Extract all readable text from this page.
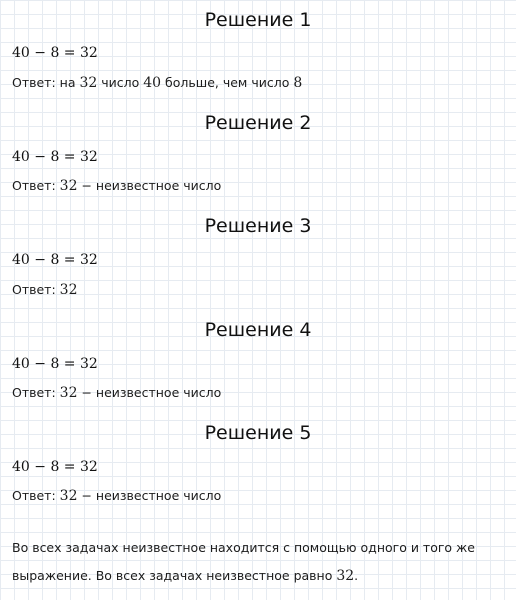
Решение 1
40 − 8 = 32
Ответ: на 32 число 40 больше, чем число 8
Решение 2
40 − 8 = 32
Ответ: 32 − неизвестное число
Решение 3
40 − 8 = 32
Ответ: 32
Решение 4
40 − 8 = 32
Ответ: 32 − неизвестное число
Решение 5
40 − 8 = 32
Ответ: 32 − неизвестное число
Во всех задачах неизвестное находится с помощью одного и того же
выражение. Во всех задачах неизвестное равно 32.
